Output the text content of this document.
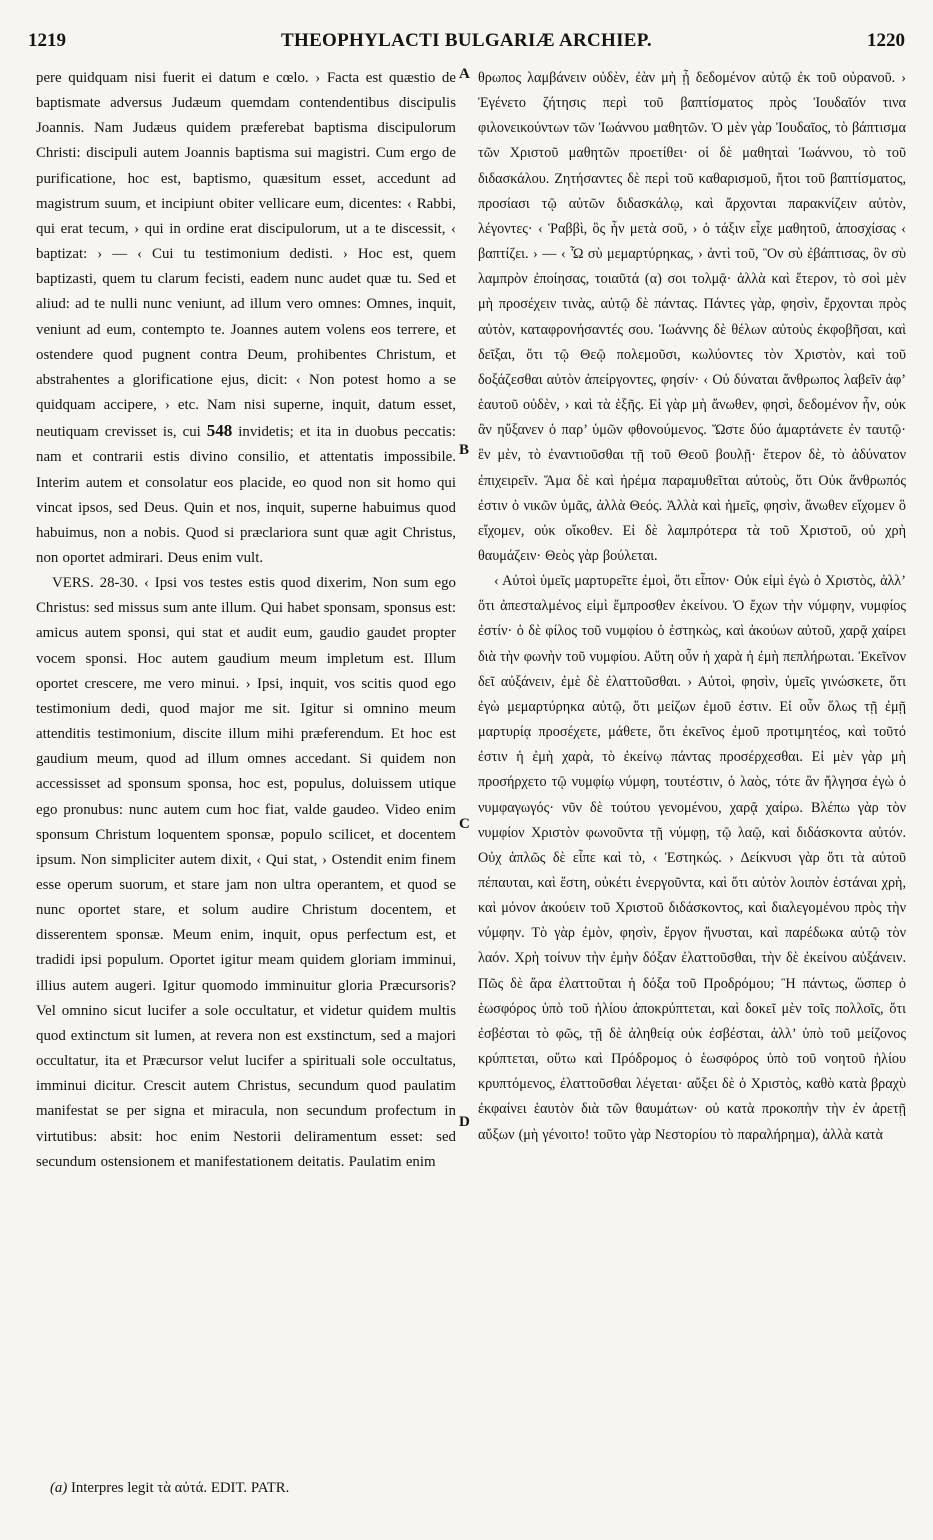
1219	THEOPHYLACTI BULGARIÆ ARCHIEP.	1220

pere quidquam nisi fuerit ei datum e cœlo. › Facta est quæstio de baptismate adversus Judæum quemdam contendentibus discipulis Joannis. Nam Judæus quidem præferebat baptisma discipulorum Christi: discipuli autem Joannis baptisma sui magistri. Cum ergo de purificatione, hoc est, baptismo, quæsitum esset, accedunt ad magistrum suum, et incipiunt obiter vellicare eum, dicentes: ‹ Rabbi, qui erat tecum, › qui in ordine erat discipulorum, ut a te discessit, ‹ baptizat: › — ‹ Cui tu testimonium dedisti. › Hoc est, quem baptizasti, quem tu clarum fecisti, eadem nunc audet quæ tu. Sed et aliud: ad te nulli nunc veniunt, ad illum vero omnes: Omnes, inquit, veniunt ad eum, contempto te. Joannes autem volens eos terrere, et ostendere quod pugnent contra Deum, prohibentes Christum, et abstrahentes a glorificatione ejus, dicit: ‹ Non potest homo a se quidquam accipere, › etc. Nam nisi superne, inquit, datum esset, neutiquam crevisset is, cui 548 invidetis; et ita in duobus peccatis: nam et contrarii estis divino consilio, et attentatis impossibile. Interim autem et consolatur eos placide, eo quod non sit homo qui vincat ipsos, sed Deus. Quin et nos, inquit, superne habuimus quod habuimus, non a nobis. Quod si præclariora sunt quæ agit Christus, non oportet admirari. Deus enim vult.

VERS. 28-30. ‹ Ipsi vos testes estis quod dixerim, Non sum ego Christus: sed missus sum ante illum. Qui habet sponsam, sponsus est: amicus autem sponsi, qui stat et audit eum, gaudio gaudet propter vocem sponsi. Hoc autem gaudium meum impletum est. Illum oportet crescere, me vero minui. › Ipsi, inquit, vos scitis quod ego testimonium dedi, quod major me sit. Igitur si omnino meum attenditis testimonium, discite illum mihi præferendum. Et hoc est gaudium meum, quod ad illum omnes accedant. Si quidem non accessisset ad sponsum sponsa, hoc est, populus, doluissem utique ego pronubus: nunc autem cum hoc fiat, valde gaudeo. Video enim sponsum Christum loquentem sponsæ, populo scilicet, et docentem ipsum. Non simpliciter autem dixit, ‹ Qui stat, › Ostendit enim finem esse operum suorum, et stare jam non ultra operantem, et quod se nunc oportet stare, et solum audire Christum docentem, et disserentem sponsæ. Meum enim, inquit, opus perfectum est, et tradidi ipsi populum. Oportet igitur meam quidem gloriam imminui, illius autem augeri. Igitur quomodo imminuitur gloria Præcursoris? Vel omnino sicut lucifer a sole occultatur, et videtur quidem multis quod extinctum sit lumen, at revera non est exstinctum, sed a majori occultatur, ita et Præcursor velut lucifer a spirituali sole occultatus, imminui dicitur. Crescit autem Christus, secundum quod paulatim manifestat se per signa et miracula, non secundum profectum in virtutibus: absit: hoc enim Nestorii deliramentum esset: sed secundum ostensionem et manifestationem deitatis. Paulatim enim

θρωπος λαμβάνειν οὐδὲν, ἐὰν μὴ ᾖ δεδομένον αὐτῷ ἐκ τοῦ οὐρανοῦ. › Ἐγένετο ζήτησις περὶ τοῦ βαπτίσματος πρὸς Ἰουδαῖόν τινα φιλονεικούντων τῶν Ἰωάννου μαθητῶν. Ὁ μὲν γὰρ Ἰουδαῖος, τὸ βάπτισμα τῶν Χριστοῦ μαθητῶν προετίθει· οἱ δὲ μαθηταὶ Ἰωάννου, τὸ τοῦ διδασκάλου. Ζητήσαντες δὲ περὶ τοῦ καθαρισμοῦ, ἤτοι τοῦ βαπτίσματος, προσίασι τῷ αὐτῶν διδασκάλῳ, καὶ ἄρχονται παρακνίζειν αὐτὸν, λέγοντες· ‹ Ῥαββὶ, ὃς ἦν μετὰ σοῦ, › ὁ τάξιν εἶχε μαθητοῦ, ἀποσχίσας ‹ βαπτίζει. › — ‹ Ὧ σὺ μεμαρτύρηκας, › ἀντὶ τοῦ, Ὃν σὺ ἐβάπτισας, ὃν σὺ λαμπρὸν ἐποίησας, τοιαῦτά (α) σοι τολμᾷ· ἀλλὰ καὶ ἕτερον, τὸ σοὶ μὲν μὴ προσέχειν τινὰς, αὐτῷ δὲ πάντας. Πάντες γὰρ, φησὶν, ἔρχονται πρὸς αὐτὸν, καταφρονήσαντές σου. Ἰωάννης δὲ θέλων αὐτοὺς ἐκφοβῆσαι, καὶ δεῖξαι, ὅτι τῷ Θεῷ πολεμοῦσι, κωλύοντες τὸν Χριστὸν, καὶ τοῦ δοξάζεσθαι αὐτὸν ἀπείργοντες, φησίν· ‹ Οὐ δύναται ἄνθρωπος λαβεῖν ἀφ’ ἑαυτοῦ οὐδὲν, › καὶ τὰ ἑξῆς. Εἰ γὰρ μὴ ἄνωθεν, φησὶ, δεδομένον ἦν, οὐκ ἂν ηὔξανεν ὁ παρ’ ὑμῶν φθονούμενος. Ὥστε δύο ἁμαρτάνετε ἐν ταυτῷ· ἓν μὲν, τὸ ἐναντιοῦσθαι τῇ τοῦ Θεοῦ βουλῇ· ἕτερον δὲ, τὸ ἀδύνατον ἐπιχειρεῖν. Ἅμα δὲ καὶ ἠρέμα παραμυθεῖται αὐτοὺς, ὅτι Οὐκ ἄνθρωπός ἐστιν ὁ νικῶν ὑμᾶς, ἀλλὰ Θεός. Ἀλλὰ καὶ ἡμεῖς, φησὶν, ἄνωθεν εἴχομεν ὃ εἴχομεν, οὐκ οἴκοθεν. Εἰ δὲ λαμπρότερα τὰ τοῦ Χριστοῦ, οὐ χρὴ θαυμάζειν· Θεὸς γὰρ βούλεται.

‹ Αὐτοὶ ὑμεῖς μαρτυρεῖτε ἐμοὶ, ὅτι εἶπον· Οὐκ εἰμὶ ἐγὼ ὁ Χριστὸς, ἀλλ’ ὅτι ἀπεσταλμένος εἰμὶ ἔμπροσθεν ἐκείνου. Ὁ ἔχων τὴν νύμφην, νυμφίος ἐστίν· ὁ δὲ φίλος τοῦ νυμφίου ὁ ἑστηκὼς, καὶ ἀκούων αὐτοῦ, χαρᾷ χαίρει διὰ τὴν φωνὴν τοῦ νυμφίου. Αὕτη οὖν ἡ χαρὰ ἡ ἐμὴ πεπλήρωται. Ἐκεῖνον δεῖ αὐξάνειν, ἐμὲ δὲ ἐλαττοῦσθαι. › Αὐτοὶ, φησὶν, ὑμεῖς γινώσκετε, ὅτι ἐγὼ μεμαρτύρηκα αὐτῷ, ὅτι μείζων ἐμοῦ ἐστιν. Εἰ οὖν ὅλως τῇ ἐμῇ μαρτυρίᾳ προσέχετε, μάθετε, ὅτι ἐκεῖνος ἐμοῦ προτιμητέος, καὶ τοῦτό ἐστιν ἡ ἐμὴ χαρὰ, τὸ ἐκείνῳ πάντας προσέρχεσθαι. Εἰ μὲν γὰρ μὴ προσήρχετο τῷ νυμφίῳ νύμφη, τουτέστιν, ὁ λαὸς, τότε ἂν ἤλγησα ἐγὼ ὁ νυμφαγωγός· νῦν δὲ τούτου γενομένου, χαρᾷ χαίρω. Βλέπω γὰρ τὸν νυμφίον Χριστὸν φωνοῦντα τῇ νύμφῃ, τῷ λαῷ, καὶ διδάσκοντα αὐτόν. Οὐχ ἁπλῶς δὲ εἶπε καὶ τὸ, ‹ Ἑστηκώς. › Δείκνυσι γὰρ ὅτι τὰ αὐτοῦ πέπαυται, καὶ ἕστη, οὐκέτι ἐνεργοῦντα, καὶ ὅτι αὐτὸν λοιπὸν ἑστάναι χρὴ, καὶ μόνον ἀκούειν τοῦ Χριστοῦ διδάσκοντος, καὶ διαλεγομένου πρὸς τὴν νύμφην. Τὸ γὰρ ἐμὸν, φησὶν, ἔργον ἤνυσται, καὶ παρέδωκα αὐτῷ τὸν λαόν. Χρὴ τοίνυν τὴν ἐμὴν δόξαν ἐλαττοῦσθαι, τὴν δὲ ἐκείνου αὐξάνειν. Πῶς δὲ ἄρα ἐλαττοῦται ἡ δόξα τοῦ Προδρόμου; Ἢ πάντως, ὥσπερ ὁ ἑωσφόρος ὑπὸ τοῦ ἡλίου ἀποκρύπτεται, καὶ δοκεῖ μὲν τοῖς πολλοῖς, ὅτι ἐσβέσται τὸ φῶς, τῇ δὲ ἀληθείᾳ οὐκ ἐσβέσται, ἀλλ’ ὑπὸ τοῦ μείζονος κρύπτεται, οὕτω καὶ Πρόδρομος ὁ ἑωσφόρος ὑπὸ τοῦ νοητοῦ ἡλίου κρυπτόμενος, ἐλαττοῦσθαι λέγεται· αὔξει δὲ ὁ Χριστὸς, καθὸ κατὰ βραχὺ ἐκφαίνει ἑαυτὸν διὰ τῶν θαυμάτων· οὐ κατὰ προκοπὴν τὴν ἐν ἀρετῇ αὔξων (μὴ γένοιτο! τοῦτο γὰρ Νεστορίου τὸ παραλήρημα), ἀλλὰ κατὰ

A
B
C
D
(a) Interpres legit τὰ αὐτά. EDIT. PATR.
